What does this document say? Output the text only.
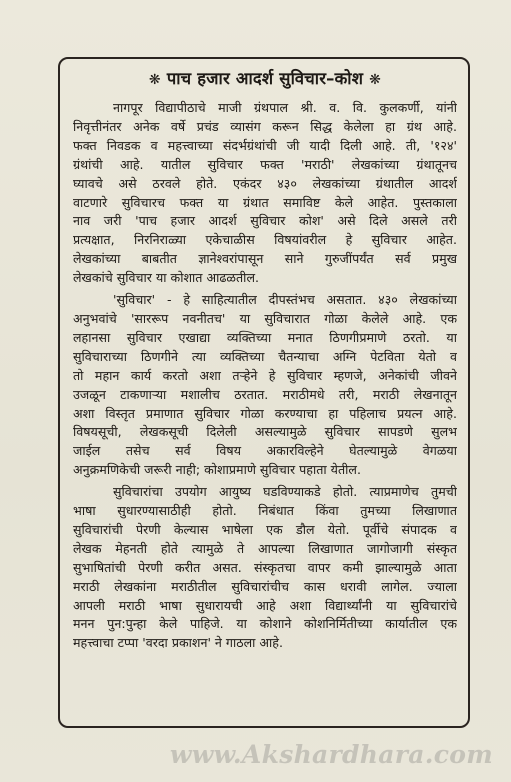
❋ पाच हजार आदर्श सुविचार–कोश ❋
नागपूर विद्यापीठाचे माजी ग्रंथपाल श्री. व. वि. कुलकर्णी, यांनी
निवृत्तीनंतर अनेक वर्षे प्रचंड व्यासंग करून सिद्ध केलेला हा ग्रंथ आहे.
फक्त निवडक व महत्त्वाच्या संदर्भग्रंथांची जी यादी दिली आहे. ती, '१२४'
ग्रंथांची आहे. यातील सुविचार फक्त 'मराठी' लेखकांच्या ग्रंथातूनच
घ्यावचे असे ठरवले होते. एकंदर ४३० लेखकांच्या ग्रंथातील आदर्श
वाटणारे सुविचारच फक्त या ग्रंथात समाविष्ट केले आहेत. पुस्तकाला
नाव जरी 'पाच हजार आदर्श सुविचार कोश' असे दिले असले तरी
प्रत्यक्षात, निरनिराळ्या एकेचाळीस विषयांवरील हे सुविचार आहेत.
लेखकांच्या बाबतीत ज्ञानेश्वरांपासून साने गुरुजींपर्यंत सर्व प्रमुख
लेखकांचे सुविचार या कोशात आढळतील.
'सुविचार' - हे साहित्यातील दीपस्तंभच असतात. ४३० लेखकांच्या
अनुभवांचे 'साररूप नवनीतच' या सुविचारात गोळा केलेले आहे. एक
लहानसा सुविचार एखाद्या व्यक्तिच्या मनात ठिणगीप्रमाणे ठरतो. या
सुविचाराच्या ठिणगीने त्या व्यक्तिच्या चैतन्याचा अग्नि पेटविता येतो व
तो महान कार्य करतो अशा तऱ्हेने हे सुविचार म्हणजे, अनेकांची जीवने
उजळून टाकणाऱ्या मशालीच ठरतात. मराठीमधे तरी, मराठी लेखनातून
अशा विस्तृत प्रमाणात सुविचार गोळा करण्याचा हा पहिलाच प्रयत्न आहे.
विषयसूची, लेखकसूची दिलेली असल्यामुळे सुविचार सापडणे सुलभ
जाईल तसेच सर्व विषय अकारविल्हेने घेतल्यामुळे वेगळया
अनुक्रमणिकेची जरूरी नाही; कोशाप्रमाणे सुविचार पहाता येतील.
सुविचारांचा उपयोग आयुष्य घडविण्याकडे होतो. त्याप्रमाणेच तुमची
भाषा सुधारण्यासाठीही होतो. निबंधात किंवा तुमच्या लिखाणात
सुविचारांची पेरणी केल्यास भाषेला एक डौल येतो. पूर्वीचे संपादक व
लेखक मेहनती होते त्यामुळे ते आपल्या लिखाणात जागोजागी संस्कृत
सुभाषितांची पेरणी करीत असत. संस्कृतचा वापर कमी झाल्यामुळे आता
मराठी लेखकांना मराठीतील सुविचारांचीच कास धरावी लागेल. ज्याला
आपली मराठी भाषा सुधारायची आहे अशा विद्यार्थ्यांनी या सुविचारांचे
मनन पुन:पुन्हा केले पाहिजे. या कोशाने कोशनिर्मितीच्या कार्यातील एक
महत्त्वाचा टप्पा 'वरदा प्रकाशन' ने गाठला आहे.
www.Akshardhara.com
